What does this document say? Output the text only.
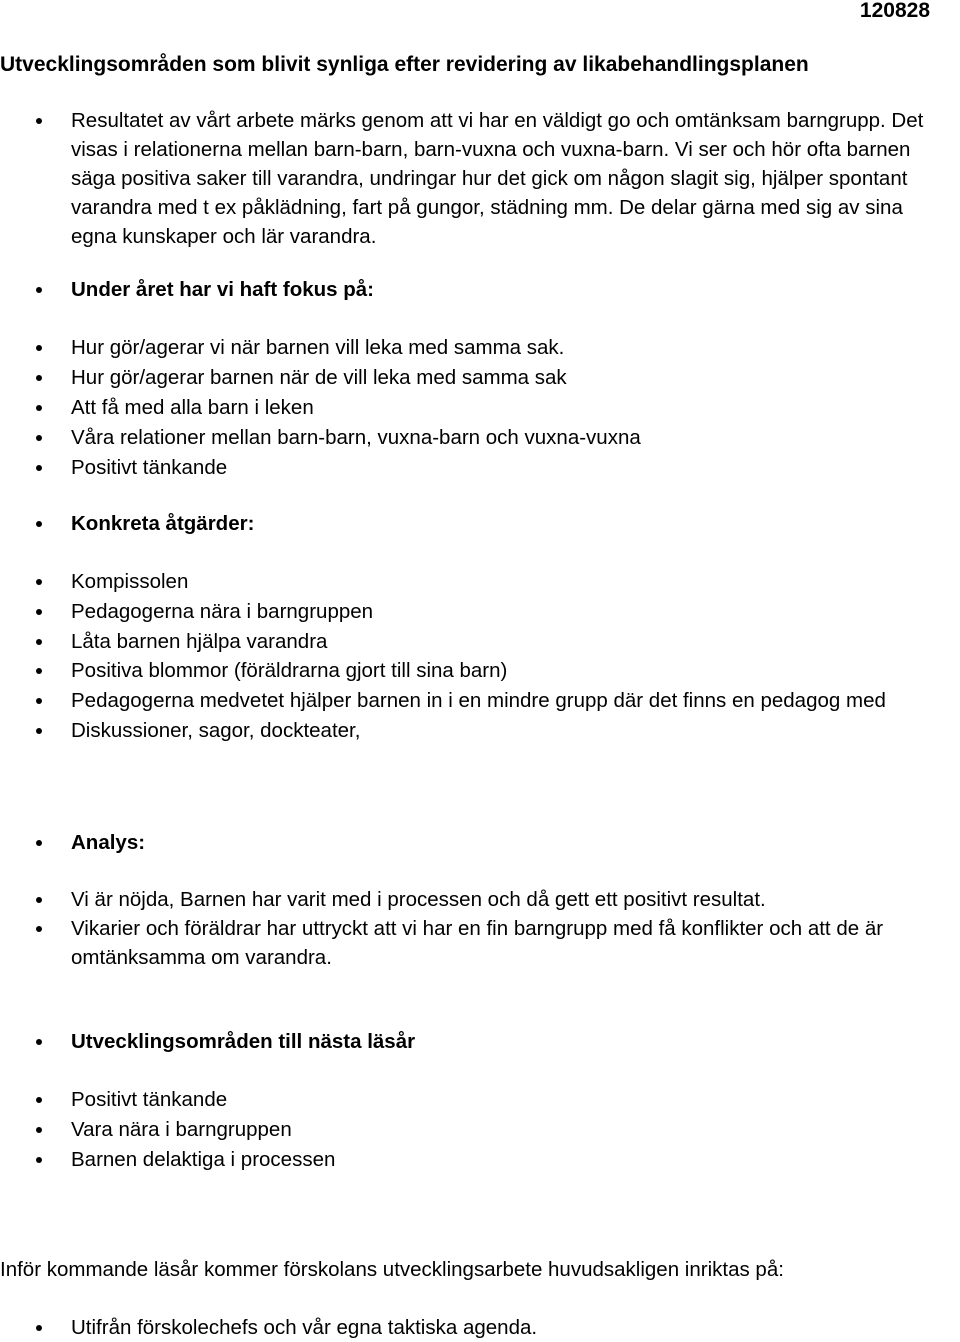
120828
Utvecklingsområden som blivit synliga efter revidering av likabehandlingsplanen
Resultatet av vårt arbete märks genom att vi har en väldigt go och omtänksam barngrupp. Det visas i relationerna mellan barn-barn, barn-vuxna och vuxna-barn. Vi ser och hör ofta barnen säga positiva saker till varandra, undringar hur det gick om någon slagit sig, hjälper spontant varandra med t ex påklädning, fart på gungor, städning mm. De delar gärna med sig av sina egna kunskaper och lär varandra.
Under året har vi haft fokus på:
Hur gör/agerar vi när barnen vill leka med samma sak.
Hur gör/agerar barnen när de vill leka med samma sak
Att få med alla barn i leken
Våra relationer mellan barn-barn, vuxna-barn och vuxna-vuxna
Positivt tänkande
Konkreta åtgärder:
Kompissolen
Pedagogerna nära i barngruppen
Låta barnen hjälpa varandra
Positiva blommor (föräldrarna gjort till sina barn)
Pedagogerna medvetet hjälper barnen in i en mindre grupp där det finns en pedagog med
Diskussioner, sagor, dockteater,
Analys:
Vi är nöjda, Barnen har varit med i processen och då gett ett positivt resultat.
Vikarier och föräldrar har uttryckt att vi har en fin barngrupp med få konflikter och att de är omtänksamma om varandra.
Utvecklingsområden till nästa läsår
Positivt tänkande
Vara nära i barngruppen
Barnen delaktiga i processen

Inför kommande läsår kommer förskolans utvecklingsarbete huvudsakligen inriktas på:

Utifrån förskolechefs och vår egna taktiska agenda.
